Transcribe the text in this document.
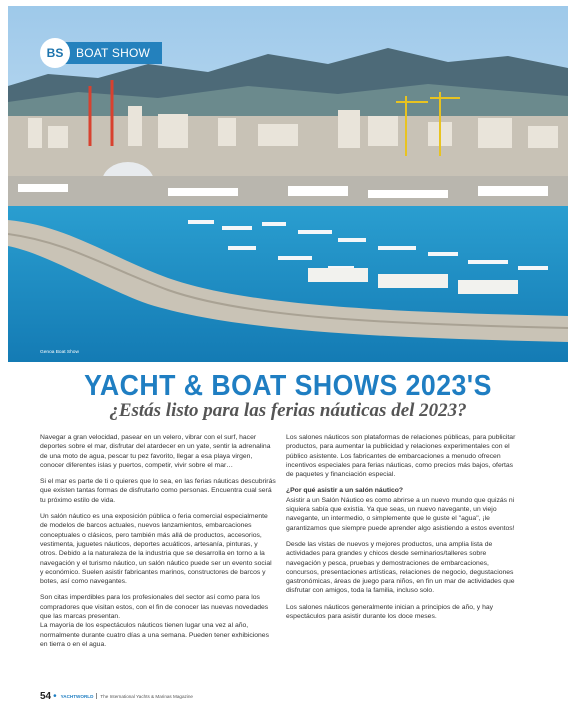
BS	BOAT SHOW
Genoa Boat Show
YACHT & BOAT SHOWS 2023'S
¿Estás listo para las ferias náuticas del 2023?

Navegar a gran velocidad, pasear en un velero, vibrar con el surf, hacer deportes sobre el mar, disfrutar del atardecer en un yate, sentir la adrenalina de una moto de agua, pescar tu pez favorito, llegar a esa playa virgen, conocer diferentes islas y puertos, competir, vivir sobre el mar…

Si el mar es parte de ti o quieres que lo sea, en las ferias náuticas descubrirás que existen tantas formas de disfrutarlo como personas. Encuentra cual será tu próximo estilo de vida.

Un salón náutico es una exposición pública o feria comercial especialmente de modelos de barcos actuales, nuevos lanzamientos, embarcaciones conceptuales o clásicos, pero también más allá de productos, accesorios, vestimenta, juguetes náuticos, deportes acuáticos, artesanía, pinturas, y otros. Debido a la naturaleza de la industria que se desarrolla en torno a la navegación y el turismo náutico, un salón náutico puede ser un evento social y económico. Suelen asistir fabricantes marinos, constructores de barcos y botes, así como navegantes.

Son citas imperdibles para los profesionales del sector así como para los compradores que visitan estos, con el fin de conocer las nuevas novedades que las marcas presentan.

La mayoría de los espectáculos náuticos tienen lugar una vez al año, normalmente durante cuatro días a una semana. Pueden tener exhibiciones en tierra o en el agua.

Los salones náuticos son plataformas de relaciones públicas, para publicitar productos, para aumentar la publicidad y relaciones experimentales con el público asistente. Los fabricantes de embarcaciones a menudo ofrecen incentivos especiales para ferias náuticas, como precios más bajos, ofertas de paquetes y financiación especial.

¿Por qué asistir a un salón náutico?

Asistir a un Salón Náutico es como abrirse a un nuevo mundo que quizás ni siquiera sabía que existía. Ya que seas, un nuevo navegante, un viejo navegante, un intermedio, o simplemente que le guste el "agua", ¡le garantizamos que siempre puede aprender algo asistiendo a estos eventos!

Desde las vistas de nuevos y mejores productos, una amplia lista de actividades para grandes y chicos desde seminarios/talleres sobre navegación y pesca, pruebas y demostraciones de embarcaciones, concursos, presentaciones artísticas, relaciones de negocio, degustaciones gastronómicas, áreas de juego para niños, en fin un mar de actividades que disfrutar con amigos, toda la familia, incluso solo.

Los salones náuticos generalmente inician a principios de año, y hay espectáculos para asistir durante los doce meses.

54 • YACHTWORLD The International Yachts & Marinas Magazine
